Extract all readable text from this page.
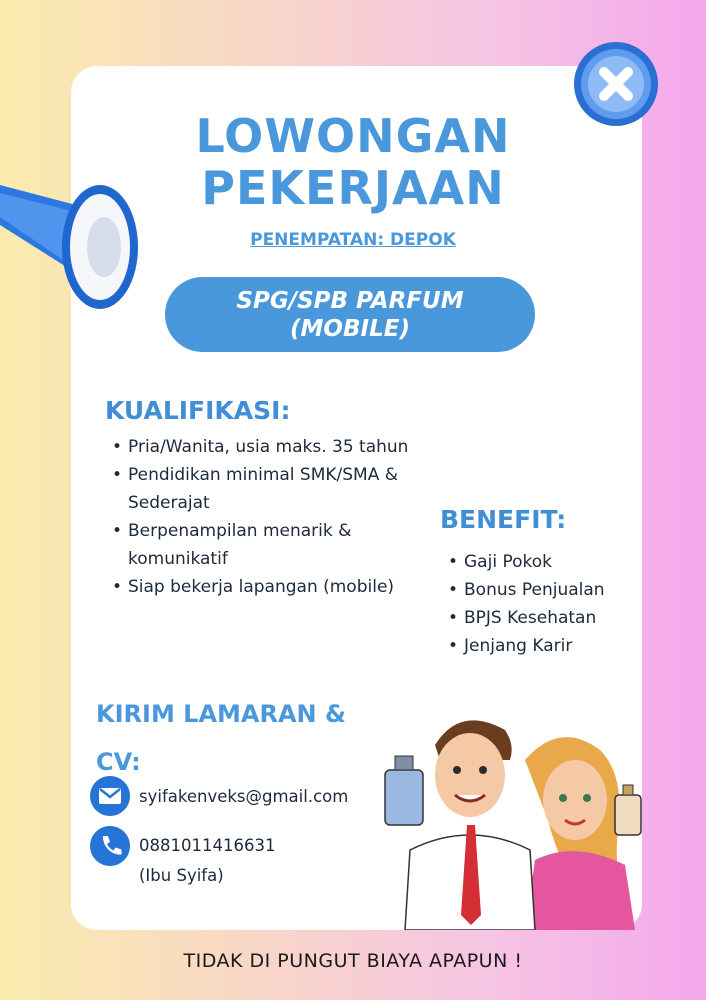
LOWONGAN
PEKERJAAN
PENEMPATAN: DEPOK
SPG/SPB PARFUM
(MOBILE)
KUALIFIKASI:
• Pria/Wanita, usia maks. 35 tahun
• Pendidikan minimal SMK/SMA & Sederajat
• Berpenampilan menarik & komunikatif
• Siap bekerja lapangan (mobile)
BENEFIT:
• Gaji Pokok
• Bonus Penjualan
• BPJS Kesehatan
• Jenjang Karir
KIRIM LAMARAN & CV:
syifakenveks@gmail.com
0881011416631
(Ibu Syifa)
TIDAK DI PUNGUT BIAYA APAPUN !
